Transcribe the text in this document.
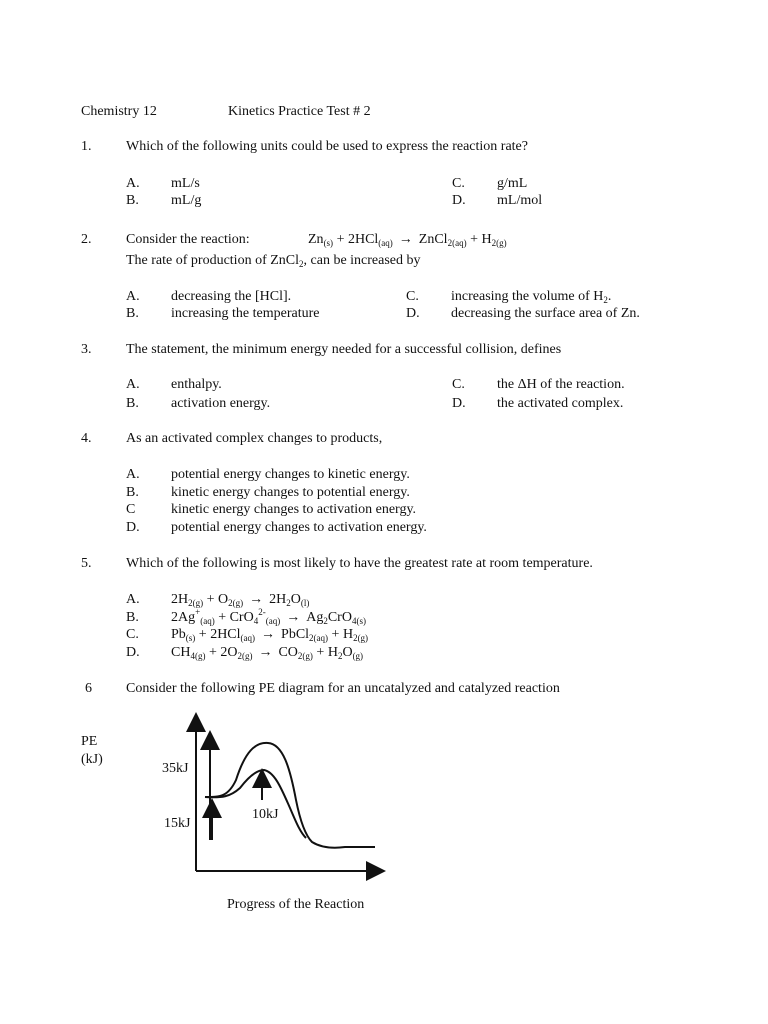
Chemistry 12	Kinetics Practice Test # 2
1. Which of the following units could be used to express the reaction rate?
A. mL/s
B. mL/g
C. g/mL
D. mL/mol
2. Consider the reaction:	$Zn_{(s)} + 2HCl_{(aq)}$ → ZnCl$_{2(aq)}$ + $H_{2(g)}$
The rate of production of ZnCl$_2$, can be increased by
A. decreasing the [HCl].
B. increasing the temperature
C. increasing the volume of $H_2$.
D. decreasing the surface area of Zn.
3. The statement, the minimum energy needed for a successful collision, defines
A. enthalpy.
B. activation energy.
C. the ΔH of the reaction.
D. the activated complex.
4. As an activated complex changes to products,
A. potential energy changes to kinetic energy.
B. kinetic energy changes to potential energy.
C	kinetic energy changes to activation energy.
D. potential energy changes to activation energy.
5. Which of the following is most likely to have the greatest rate at room temperature.
A. $2H_{2(g)} + O_{2(g)} \to 2H_2O_{(l)}$
B. $2Ag^+_{(aq)} + CrO_4^{2-}_{(aq)} \to Ag_2CrO_{4(s)}$
C. $Pb_{(s)} + 2HCl_{(aq)}$ → PbCl$_{2(aq)}$ + $H_{2(g)}$
D. $CH_{4(g)} + 2O_{2(g)} \to CO_{2(g)} + H_2O_{(g)}$
6 Consider the following PE diagram for an uncatalyzed and catalyzed reaction
PE
(kJ)
35kJ
15kJ
10kJ
Progress of the Reaction
